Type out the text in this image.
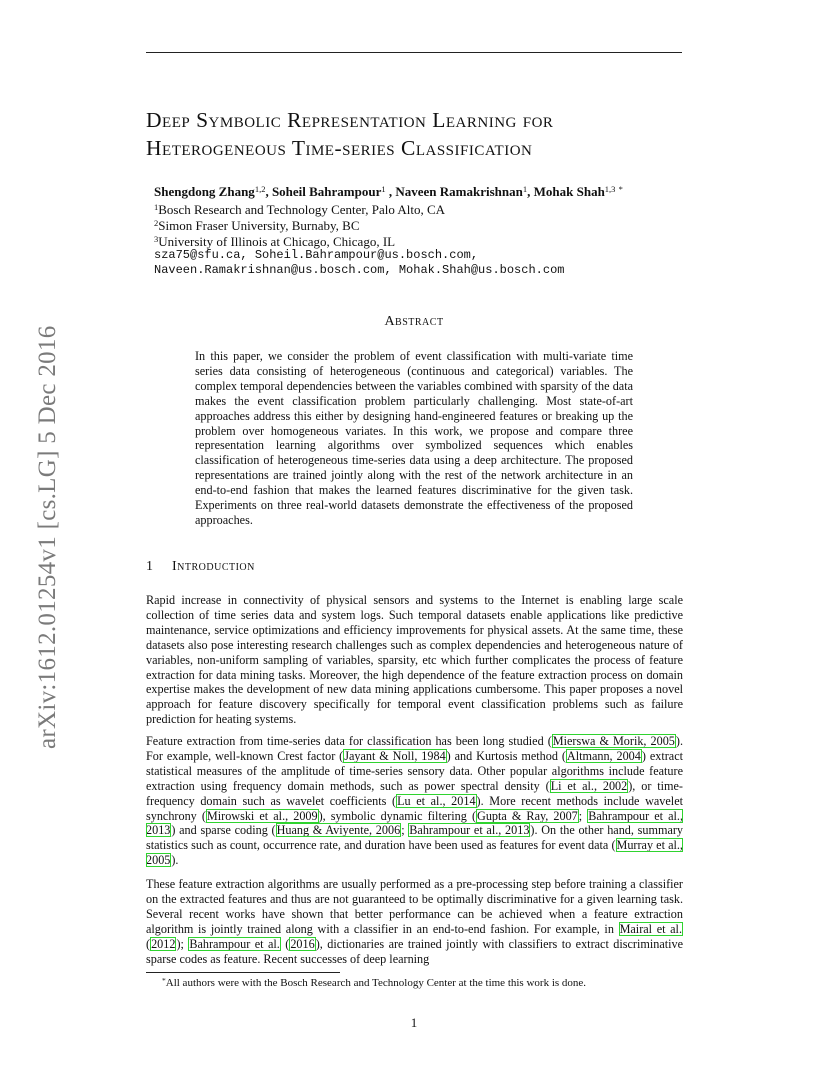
arXiv:1612.01254v1 [cs.LG] 5 Dec 2016
Deep Symbolic Representation Learning for
Heterogeneous Time-series Classification
Shengdong Zhang$^{1,2}$, Soheil Bahrampour$^1$ , Naveen Ramakrishnan$^1$, Mohak Shah$^{1,3}$ *
$^1$Bosch Research and Technology Center, Palo Alto, CA
$^2$Simon Fraser University, Burnaby, BC
$^3$University of Illinois at Chicago, Chicago, IL
sza75@sfu.ca, Soheil.Bahrampour@us.bosch.com,
Naveen.Ramakrishnan@us.bosch.com, Mohak.Shah@us.bosch.com
Abstract
In this paper, we consider the problem of event classification with multi-variate time series data consisting of heterogeneous (continuous and categorical) variables. The complex temporal dependencies between the variables combined with sparsity of the data makes the event classification problem particularly challenging. Most state-of-art approaches address this either by designing hand-engineered features or breaking up the problem over homogeneous variates. In this work, we propose and compare three representation learning algorithms over symbolized sequences which enables classification of heterogeneous time-series data using a deep architecture. The proposed representations are trained jointly along with the rest of the network architecture in an end-to-end fashion that makes the learned features discriminative for the given task. Experiments on three real-world datasets demonstrate the effectiveness of the proposed approaches.
1 Introduction
Rapid increase in connectivity of physical sensors and systems to the Internet is enabling large scale collection of time series data and system logs. Such temporal datasets enable applications like predictive maintenance, service optimizations and efficiency improvements for physical assets. At the same time, these datasets also pose interesting research challenges such as complex dependencies and heterogeneous nature of variables, non-uniform sampling of variables, sparsity, etc which further complicates the process of feature extraction for data mining tasks. Moreover, the high dependence of the feature extraction process on domain expertise makes the development of new data mining applications cumbersome. This paper proposes a novel approach for feature discovery specifically for temporal event classification problems such as failure prediction for heating systems.
Feature extraction from time-series data for classification has been long studied (Mierswa & Morik, 2005). For example, well-known Crest factor (Jayant & Noll, 1984) and Kurtosis method (Altmann, 2004) extract statistical measures of the amplitude of time-series sensory data. Other popular algorithms include feature extraction using frequency domain methods, such as power spectral density (Li et al., 2002), or time-frequency domain such as wavelet coefficients (Lu et al., 2014). More recent methods include wavelet synchrony (Mirowski et al., 2009), symbolic dynamic filtering (Gupta & Ray, 2007; Bahrampour et al., 2013) and sparse coding (Huang & Aviyente, 2006; Bahrampour et al., 2013). On the other hand, summary statistics such as count, occurrence rate, and duration have been used as features for event data (Murray et al., 2005).
These feature extraction algorithms are usually performed as a pre-processing step before training a classifier on the extracted features and thus are not guaranteed to be optimally discriminative for a given learning task. Several recent works have shown that better performance can be achieved when a feature extraction algorithm is jointly trained along with a classifier in an end-to-end fashion. For example, in Mairal et al. (2012); Bahrampour et al. (2016), dictionaries are trained jointly with classifiers to extract discriminative sparse codes as feature. Recent successes of deep learning
*All authors were with the Bosch Research and Technology Center at the time this work is done.
1
